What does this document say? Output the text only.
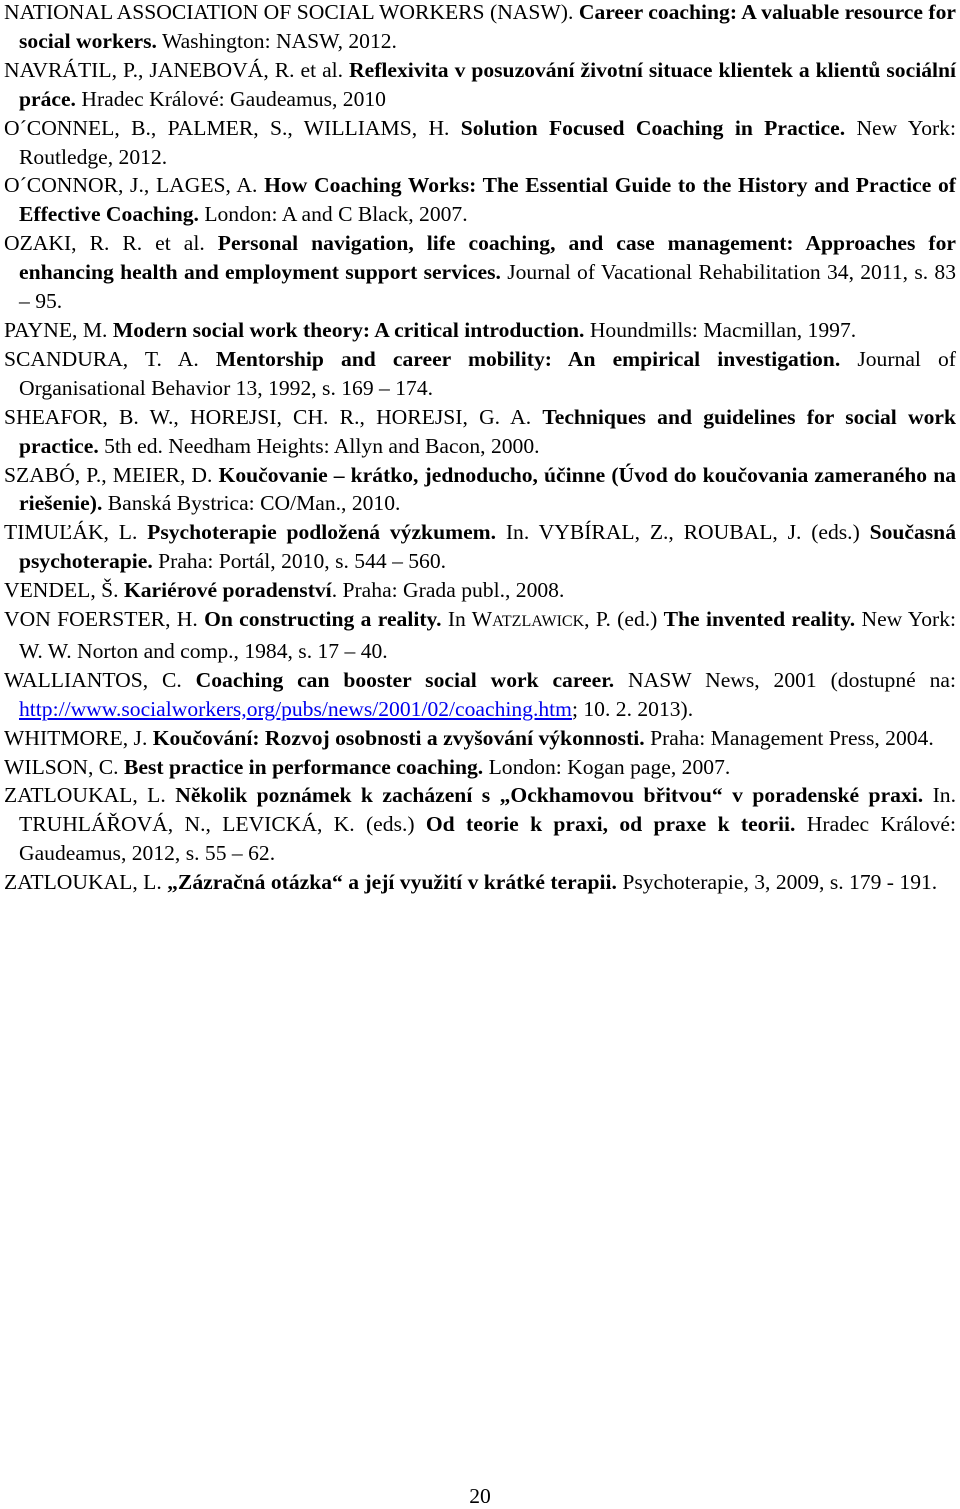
NATIONAL ASSOCIATION OF SOCIAL WORKERS (NASW). Career coaching: A valuable resource for social workers. Washington: NASW, 2012.
NAVRÁTIL, P., JANEBOVÁ, R. et al. Reflexivita v posuzování životní situace klientek a klientů sociální práce. Hradec Králové: Gaudeamus, 2010
O´CONNEL, B., PALMER, S., WILLIAMS, H. Solution Focused Coaching in Practice. New York: Routledge, 2012.
O´CONNOR, J., LAGES, A. How Coaching Works: The Essential Guide to the History and Practice of Effective Coaching. London: A and C Black, 2007.
OZAKI, R. R. et al. Personal navigation, life coaching, and case management: Approaches for enhancing health and employment support services. Journal of Vacational Rehabilitation 34, 2011, s. 83 – 95.
PAYNE, M. Modern social work theory: A critical introduction. Houndmills: Macmillan, 1997.
SCANDURA, T. A. Mentorship and career mobility: An empirical investigation. Journal of Organisational Behavior 13, 1992, s. 169 – 174.
SHEAFOR, B. W., HOREJSI, CH. R., HOREJSI, G. A. Techniques and guidelines for social work practice. 5th ed. Needham Heights: Allyn and Bacon, 2000.
SZABÓ, P., MEIER, D. Koučovanie – krátko, jednoducho, účinne (Úvod do koučovania zameraného na riešenie). Banská Bystrica: CO/Man., 2010.
TIMUĽÁK, L. Psychoterapie podložená výzkumem. In. VYBÍRAL, Z., ROUBAL, J. (eds.) Současná psychoterapie. Praha: Portál, 2010, s. 544 – 560.
VENDEL, Š. Kariérové poradenství. Praha: Grada publ., 2008.
VON FOERSTER, H. On constructing a reality. In WATZLAWICK, P. (ed.) The invented reality. New York: W. W. Norton and comp., 1984, s. 17 – 40.
WALLIANTOS, C. Coaching can booster social work career. NASW News, 2001 (dostupné na: http://www.socialworkers,org/pubs/news/2001/02/coaching.htm; 10. 2. 2013).
WHITMORE, J. Koučování: Rozvoj osobnosti a zvyšování výkonnosti. Praha: Management Press, 2004.
WILSON, C. Best practice in performance coaching. London: Kogan page, 2007.
ZATLOUKAL, L. Několik poznámek k zacházení s „Ockhamovou břitvou“ v poradenské praxi. In. TRUHLÁŘOVÁ, N., LEVICKÁ, K. (eds.) Od teorie k praxi, od praxe k teorii. Hradec Králové: Gaudeamus, 2012, s. 55 – 62.
ZATLOUKAL, L. „Zázračná otázka“ a její využití v krátké terapii. Psychoterapie, 3, 2009, s. 179 - 191.
20
